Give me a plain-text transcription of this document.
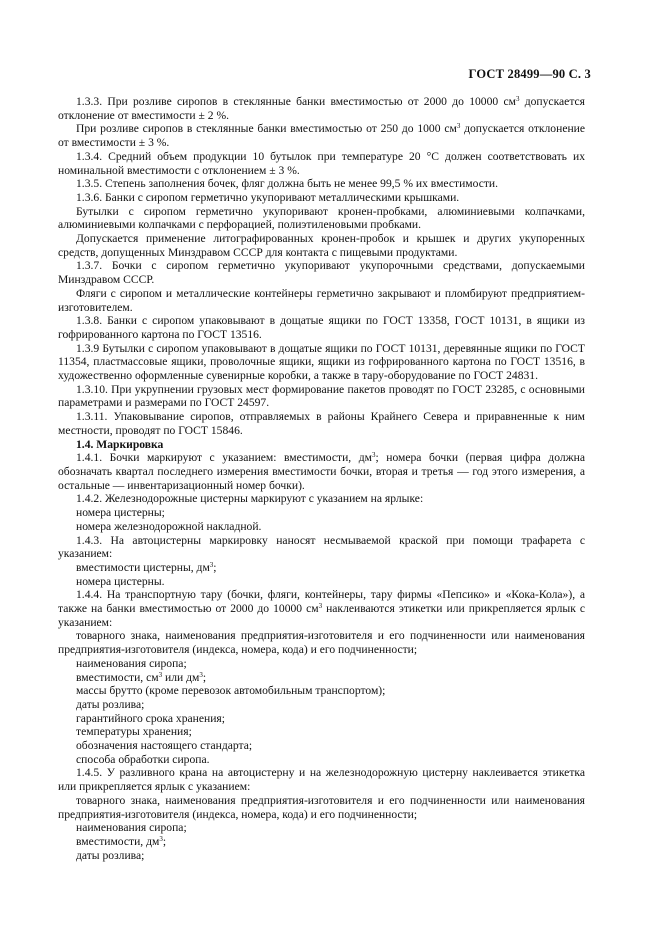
ГОСТ 28499—90 С. 3

1.3.3. При розливе сиропов в стеклянные банки вместимостью от 2000 до 10000 $см^3$ допускается отклонение от вместимости ± 2 %.

При розливе сиропов в стеклянные банки вместимостью от 250 до 1000 $см^3$ допускается отклонение от вместимости ± 3 %.

1.3.4. Средний объем продукции 10 бутылок при температуре 20 °С должен соответствовать их номинальной вместимости с отклонением ± 3 %.

1.3.5. Степень заполнения бочек, фляг должна быть не менее 99,5 % их вместимости.

1.3.6. Банки с сиропом герметично укупоривают металлическими крышками.

Бутылки с сиропом герметично укупоривают кронен-пробками, алюминиевыми колпачками, алюминиевыми колпачками с перфорацией, полиэтиленовыми пробками.

Допускается применение литографированных кронен-пробок и крышек и других укупоренных средств, допущенных Минздравом СССР для контакта с пищевыми продуктами.

1.3.7. Бочки с сиропом герметично укупоривают укупорочными средствами, допускаемыми Минздравом СССР.

Фляги с сиропом и металлические контейнеры герметично закрывают и пломбируют предприятием-изготовителем.

1.3.8. Банки с сиропом упаковывают в дощатые ящики по ГОСТ 13358, ГОСТ 10131, в ящики из гофрированного картона по ГОСТ 13516.

1.3.9 Бутылки с сиропом упаковывают в дощатые ящики по ГОСТ 10131, деревянные ящики по ГОСТ 11354, пластмассовые ящики, проволочные ящики, ящики из гофрированного картона по ГОСТ 13516, в художественно оформленные сувенирные коробки, а также в тару-оборудование по ГОСТ 24831.

1.3.10. При укрупнении грузовых мест формирование пакетов проводят по ГОСТ 23285, с основными параметрами и размерами по ГОСТ 24597.

1.3.11. Упаковывание сиропов, отправляемых в районы Крайнего Севера и приравненные к ним местности, проводят по ГОСТ 15846.

1.4. Маркировка

1.4.1. Бочки маркируют с указанием: вместимости, $дм^3$; номера бочки (первая цифра должна обозначать квартал последнего измерения вместимости бочки, вторая и третья — год этого измерения, а остальные — инвентаризационный номер бочки).

1.4.2. Железнодорожные цистерны маркируют с указанием на ярлыке:

номера цистерны;

номера железнодорожной накладной.

1.4.3. На автоцистерны маркировку наносят несмываемой краской при помощи трафарета с указанием:

вместимости цистерны, $дм^3$;

номера цистерны.

1.4.4. На транспортную тару (бочки, фляги, контейнеры, тару фирмы «Пепсико» и «Кока-Кола»), а также на банки вместимостью от 2000 до 10000 $см^3$ наклеиваются этикетки или прикрепляется ярлык с указанием:

товарного знака, наименования предприятия-изготовителя и его подчиненности или наименования предприятия-изготовителя (индекса, номера, кода) и его подчиненности;

наименования сиропа;

вместимости, $см^3$ или $дм^3$;

массы брутто (кроме перевозок автомобильным транспортом);

даты розлива;

гарантийного срока хранения;

температуры хранения;

обозначения настоящего стандарта;

способа обработки сиропа.

1.4.5. У разливного крана на автоцистерну и на железнодорожную цистерну наклеивается этикетка или прикрепляется ярлык с указанием:

товарного знака, наименования предприятия-изготовителя и его подчиненности или наименования предприятия-изготовителя (индекса, номера, кода) и его подчиненности;

наименования сиропа;

вместимости, $дм^3$;

даты розлива;
